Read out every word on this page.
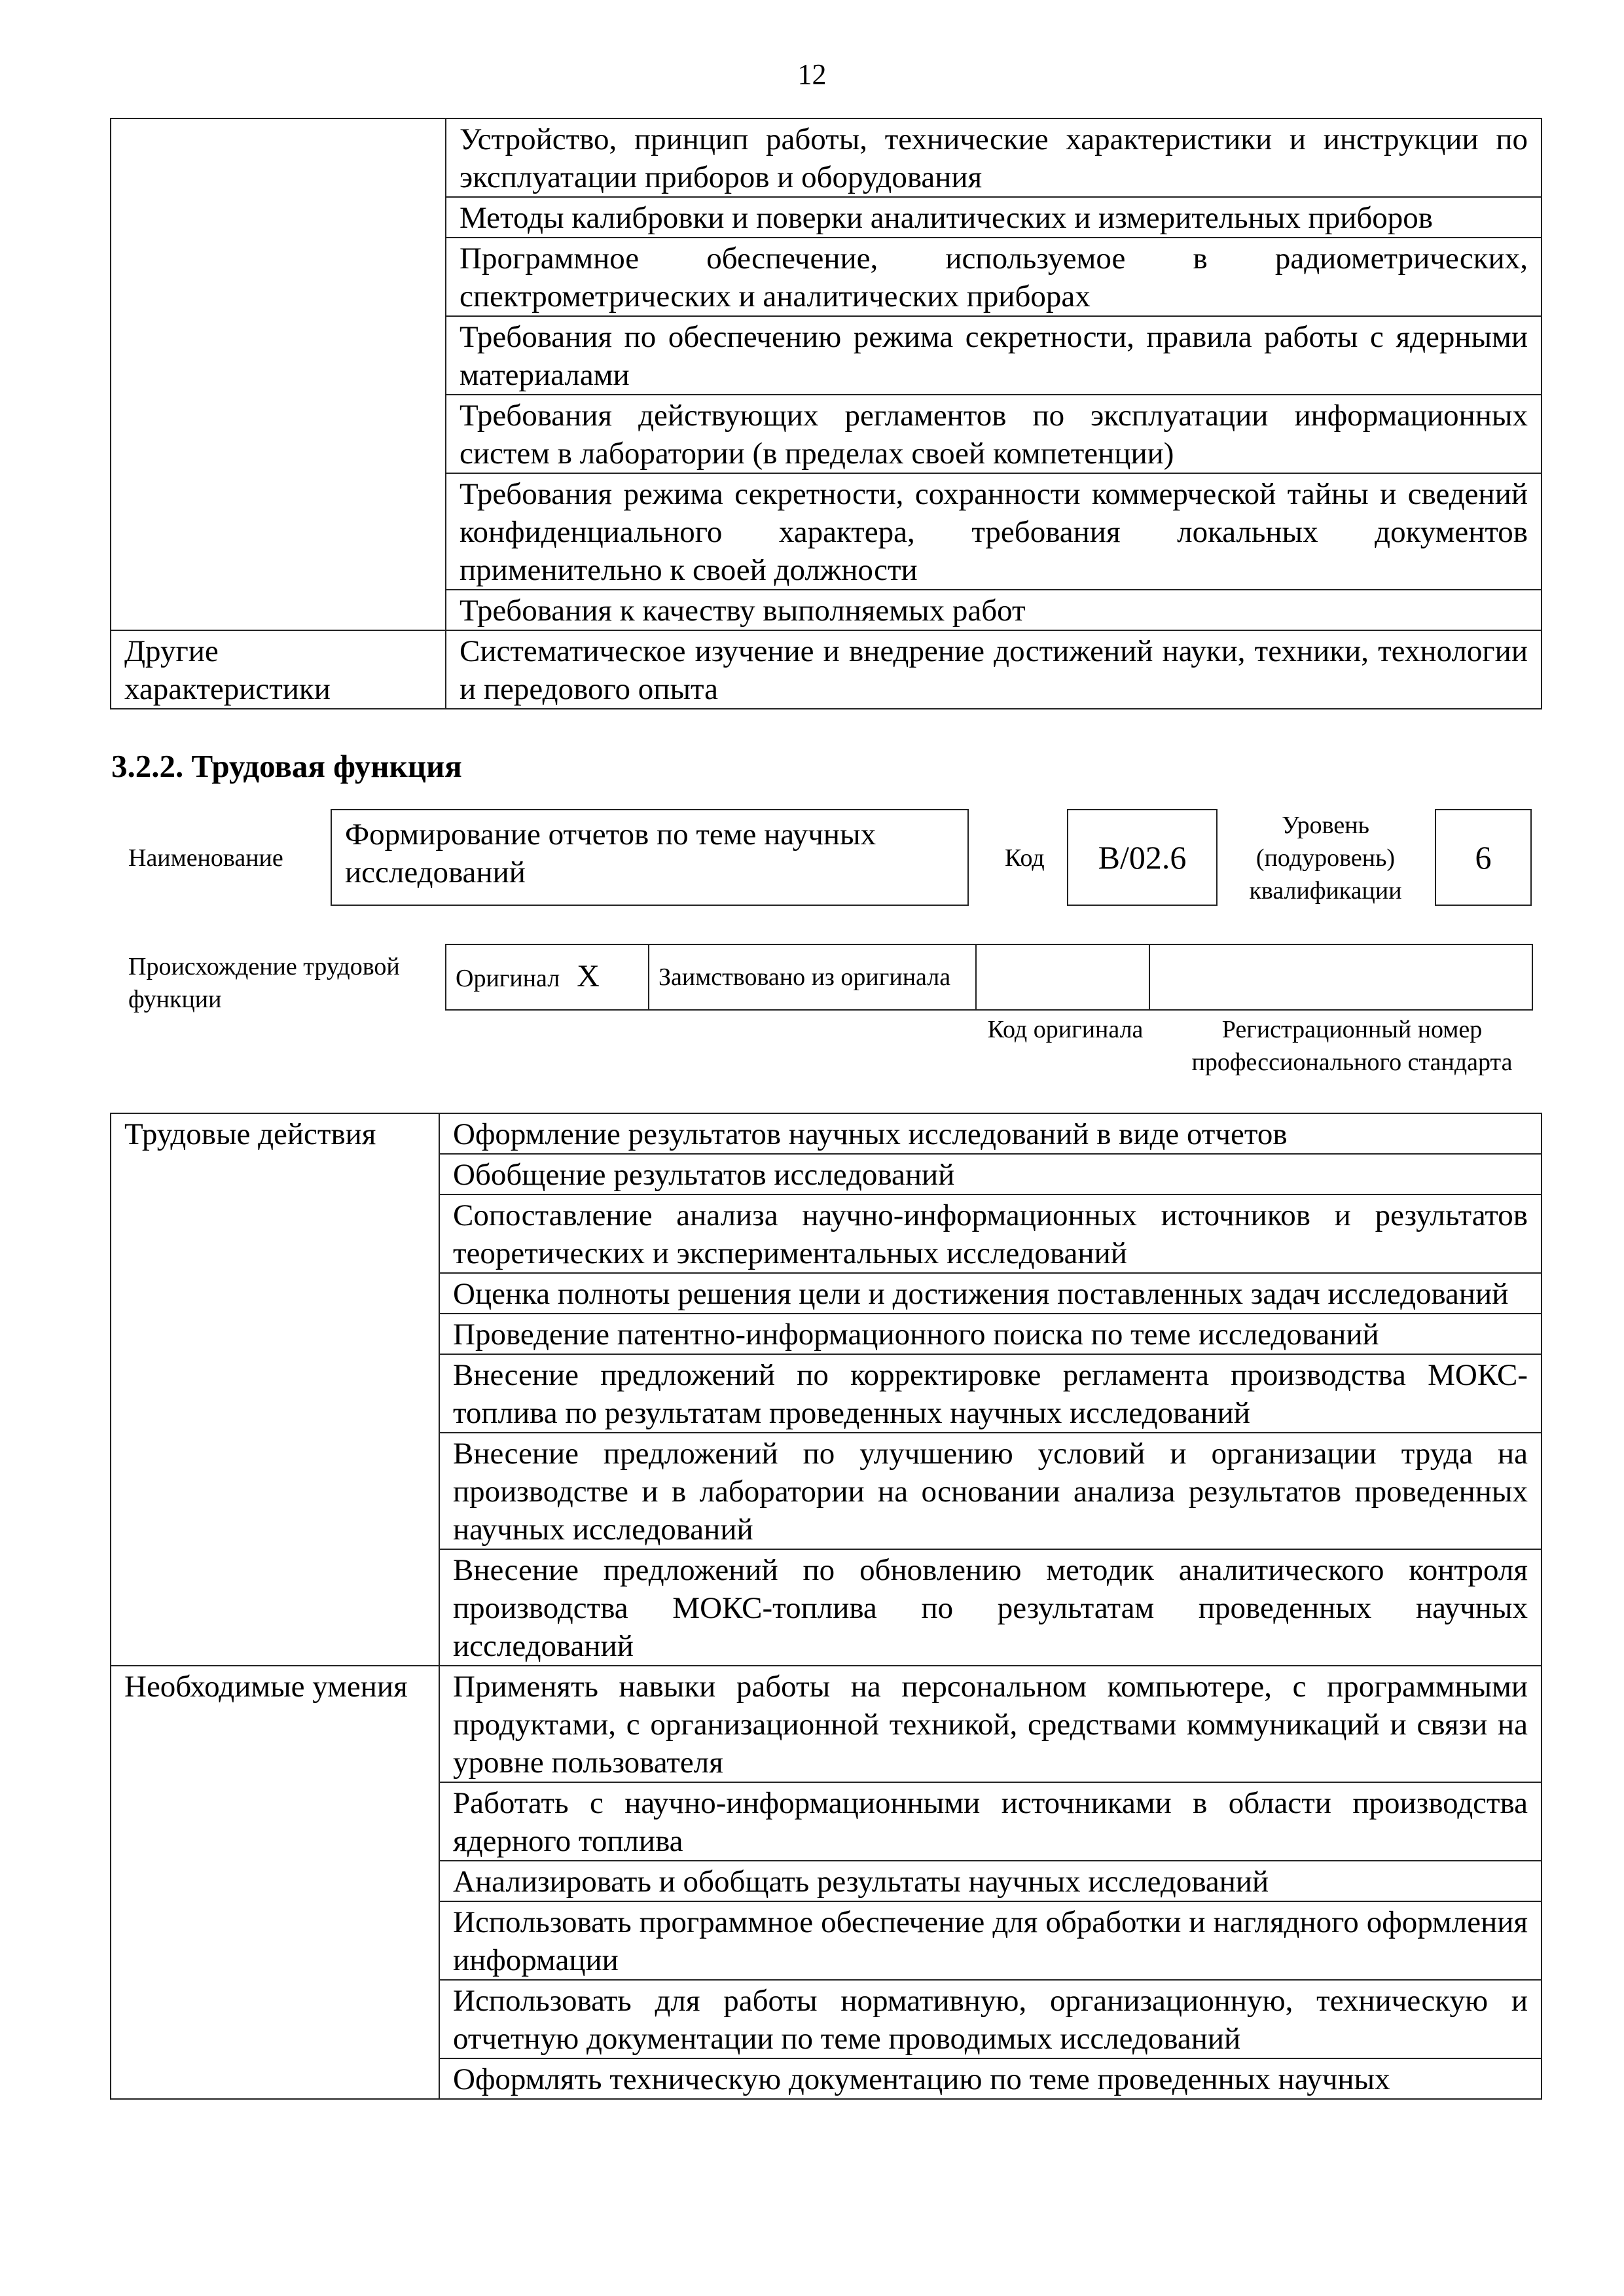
12
	Устройство, принцип работы, технические характеристики и инструкции по эксплуатации приборов и оборудования
	Методы калибровки и поверки аналитических и измерительных приборов
	Программное обеспечение, используемое в радиометрических, спектрометрических и аналитических приборах
	Требования по обеспечению режима секретности, правила работы с ядерными материалами
	Требования действующих регламентов по эксплуатации информационных систем в лаборатории (в пределах своей компетенции)
	Требования режима секретности, сохранности коммерческой тайны и сведений конфиденциального характера, требования локальных документов применительно к своей должности
	Требования к качеству выполняемых работ
Другие характеристики	Систематическое изучение и внедрение достижений науки, техники, технологии и передового опыта
3.2.2. Трудовая функция
Наименование
Формирование отчетов по теме научных исследований	Код	B/02.6
Уровень (подуровень) квалификации
6
Происхождение трудовой функции
Оригинал X	Заимствовано из оригинала		
Код оригинала	Регистрационный номер профессионального стандарта
Трудовые действия	Оформление результатов научных исследований в виде отчетов
	Обобщение результатов исследований
	Сопоставление анализа научно-информационных источников и результатов теоретических и экспериментальных исследований
	Оценка полноты решения цели и достижения поставленных задач исследований
	Проведение патентно-информационного поиска по теме исследований
	Внесение предложений по корректировке регламента производства МОКС-топлива по результатам проведенных научных исследований
	Внесение предложений по улучшению условий и организации труда на производстве и в лаборатории на основании анализа результатов проведенных научных исследований
	Внесение предложений по обновлению методик аналитического контроля производства МОКС-топлива по результатам проведенных научных исследований
Необходимые умения	Применять навыки работы на персональном компьютере, с программными продуктами, с организационной техникой, средствами коммуникаций и связи на уровне пользователя
	Работать с научно-информационными источниками в области производства ядерного топлива
	Анализировать и обобщать результаты научных исследований
	Использовать программное обеспечение для обработки и наглядного оформления информации
	Использовать для работы нормативную, организационную, техническую и отчетную документации по теме проводимых исследований
	Оформлять техническую документацию по теме проведенных научных
